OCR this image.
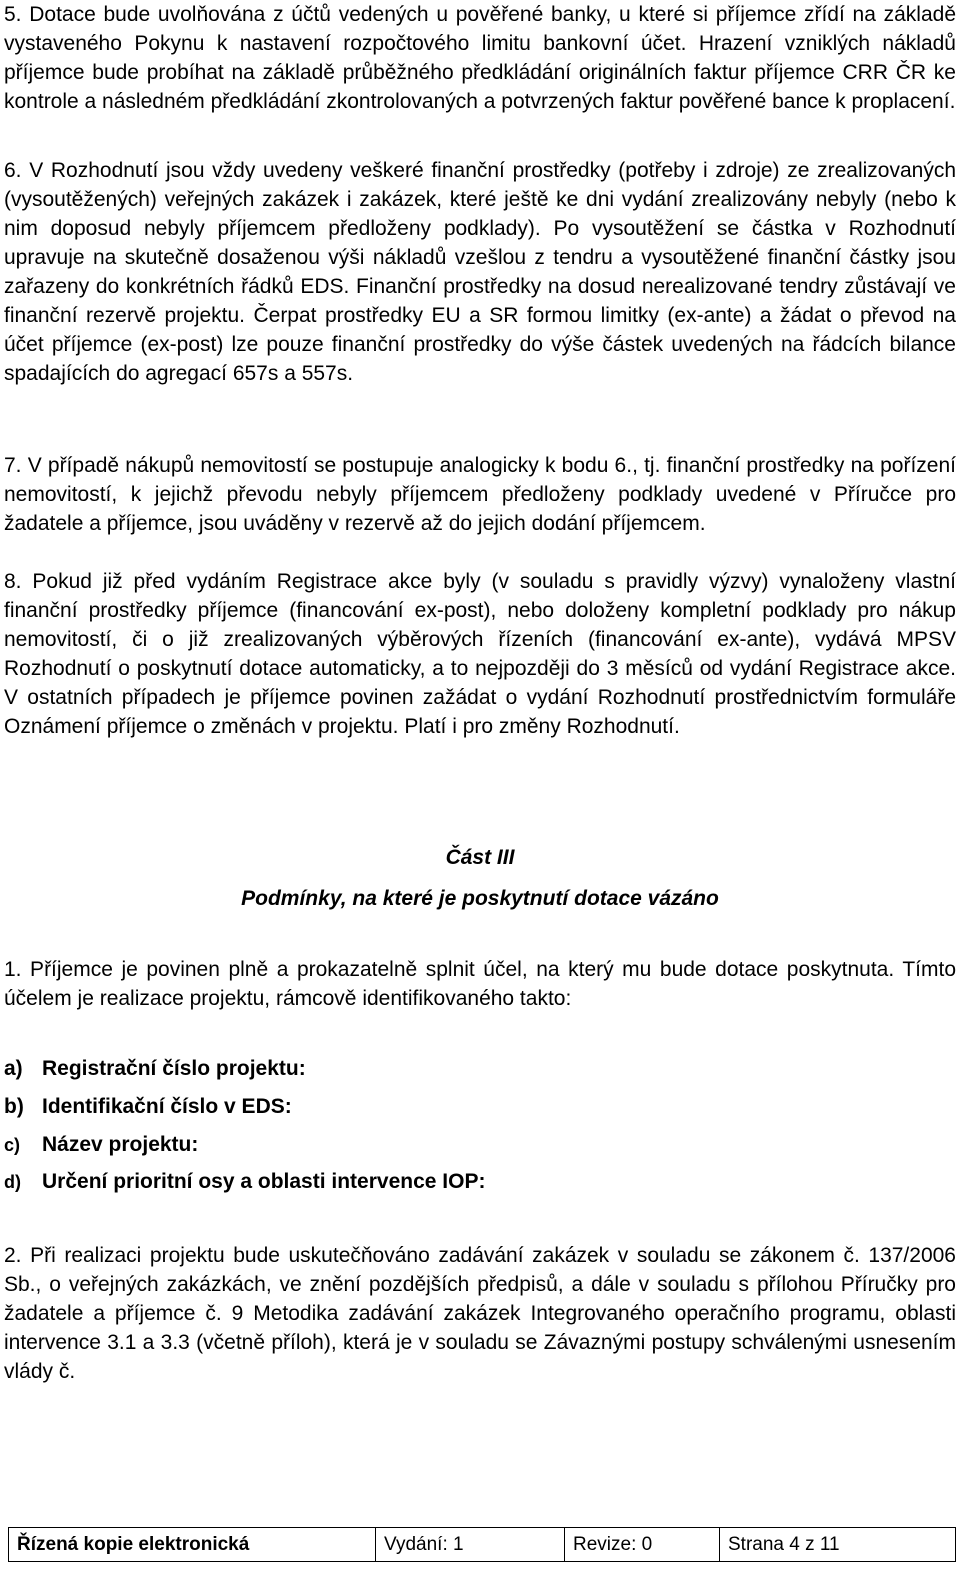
5. Dotace bude uvolňována z účtů vedených u pověřené banky, u které si příjemce zřídí na základě vystaveného Pokynu k nastavení rozpočtového limitu bankovní účet. Hrazení vzniklých nákladů příjemce bude probíhat na základě průběžného předkládání originálních faktur příjemce CRR ČR ke kontrole a následném předkládání zkontrolovaných a potvrzených faktur pověřené bance k proplacení.
6. V Rozhodnutí jsou vždy uvedeny veškeré finanční prostředky (potřeby i zdroje) ze zrealizovaných (vysoutěžených) veřejných zakázek i zakázek, které ještě ke dni vydání zrealizovány nebyly (nebo k nim doposud nebyly příjemcem předloženy podklady). Po vysoutěžení se částka v Rozhodnutí upravuje na skutečně dosaženou výši nákladů vzešlou z tendru a vysoutěžené finanční částky jsou zařazeny do konkrétních řádků EDS. Finanční prostředky na dosud nerealizované tendry zůstávají ve finanční rezervě projektu. Čerpat prostředky EU a SR formou limitky (ex-ante) a žádat o převod na účet příjemce (ex-post) lze pouze finanční prostředky do výše částek uvedených na řádcích bilance spadajících do agregací 657s a 557s.
7. V případě nákupů nemovitostí se postupuje analogicky k bodu 6., tj. finanční prostředky na pořízení nemovitostí, k jejichž převodu nebyly příjemcem předloženy podklady uvedené v Příručce pro žadatele a příjemce, jsou uváděny v rezervě až do jejich dodání příjemcem.
8. Pokud již před vydáním Registrace akce byly (v souladu s pravidly výzvy) vynaloženy vlastní finanční prostředky příjemce (financování ex-post), nebo doloženy kompletní podklady pro nákup nemovitostí, či o již zrealizovaných výběrových řízeních (financování ex-ante), vydává MPSV Rozhodnutí o poskytnutí dotace automaticky, a to nejpozději do 3 měsíců od vydání Registrace akce. V ostatních případech je příjemce povinen zažádat o vydání Rozhodnutí prostřednictvím formuláře Oznámení příjemce o změnách v projektu. Platí i pro změny Rozhodnutí.
Část III
Podmínky, na které je poskytnutí dotace vázáno
1. Příjemce je povinen plně a prokazatelně splnit účel, na který mu bude dotace poskytnuta. Tímto účelem je realizace projektu, rámcově identifikovaného takto:
a) Registrační číslo projektu:
b) Identifikační číslo v EDS:
c) Název projektu:
d) Určení prioritní osy a oblasti intervence IOP:
2. Při realizaci projektu bude uskutečňováno zadávání zakázek v souladu se zákonem č. 137/2006 Sb., o veřejných zakázkách, ve znění pozdějších předpisů, a dále v souladu s přílohou Příručky pro žadatele a příjemce č. 9 Metodika zadávání zakázek Integrovaného operačního programu, oblasti intervence 3.1 a 3.3 (včetně příloh), která je v souladu se Závaznými postupy schválenými usnesením vlády č.
Řízená kopie elektronická	Vydání: 1	Revize: 0	Strana 4 z 11
